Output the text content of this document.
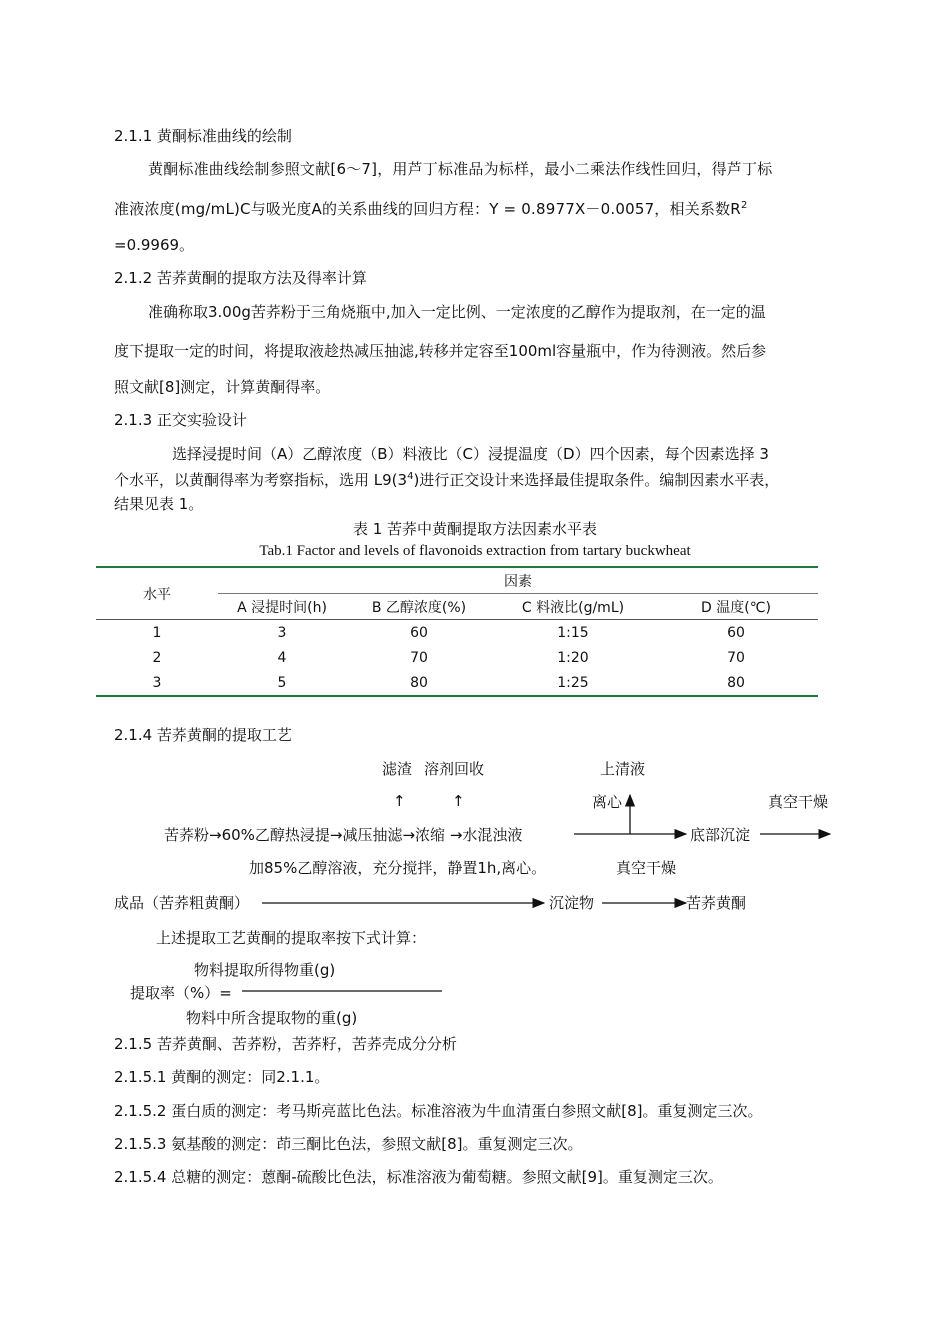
2.1.1 黄酮标准曲线的绘制
黄酮标准曲线绘制参照文献[6～7]，用芦丁标准品为标样，最小二乘法作线性回归，得芦丁标
准液浓度(mg/mL)C与吸光度A的关系曲线的回归方程：Y = 0.8977X－0.0057，相关系数$R^2$
=0.9969。
2.1.2 苦荞黄酮的提取方法及得率计算
准确称取3.00g苦荞粉于三角烧瓶中,加入一定比例、一定浓度的乙醇作为提取剂，在一定的温
度下提取一定的时间，将提取液趁热减压抽滤,转移并定容至100ml容量瓶中，作为待测液。然后参
照文献[8]测定，计算黄酮得率。
2.1.3 正交实验设计
选择浸提时间（A）乙醇浓度（B）料液比（C）浸提温度（D）四个因素，每个因素选择 3
个水平，以黄酮得率为考察指标，选用 $L9(3^4)$进行正交设计来选择最佳提取条件。编制因素水平表，
结果见表 1。
表 1 苦荞中黄酮提取方法因素水平表
Tab.1 Factor and levels of flavonoids extraction from tartary buckwheat
水平	因素			
	A 浸提时间(h)	B 乙醇浓度(%)	C 料液比(g/mL)	D 温度(℃)
1	3	60	1:15	60
2	4	70	1:20	70
3	5	80	1:25	80
2.1.4 苦荞黄酮的提取工艺
滤渣 溶剂回收	上清液
↑	↑	离心	真空干燥
苦荞粉→60%乙醇热浸提→减压抽滤→浓缩 →水混浊液	底部沉淀
加85%乙醇溶液，充分搅拌，静置1h,离心。	真空干燥
成品（苦荞粗黄酮）	沉淀物	苦荞黄酮
上述提取工艺黄酮的提取率按下式计算：
物料提取所得物重(g)
提取率（%）=
物料中所含提取物的重(g)
2.1.5 苦荞黄酮、苦荞粉，苦荞籽，苦荞壳成分分析
2.1.5.1 黄酮的测定：同2.1.1。
2.1.5.2 蛋白质的测定：考马斯亮蓝比色法。标准溶液为牛血清蛋白参照文献[8]。重复测定三次。
2.1.5.3 氨基酸的测定：茚三酮比色法，参照文献[8]。重复测定三次。
2.1.5.4 总糖的测定：蒽酮-硫酸比色法，标准溶液为葡萄糖。参照文献[9]。重复测定三次。
